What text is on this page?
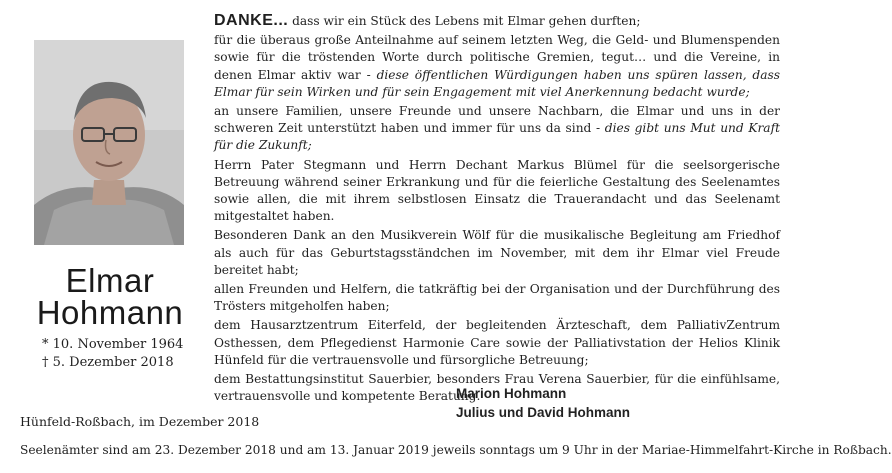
Elmar
Hohmann
* 10. November 1964
† 5. Dezember 2018

DANKE... dass wir ein Stück des Lebens mit Elmar gehen durften;

für die überaus große Anteilnahme auf seinem letzten Weg, die Geld- und Blumenspenden sowie für die tröstenden Worte durch politische Gremien, tegut… und die Vereine, in denen Elmar aktiv war - diese öffentlichen Würdigungen haben uns spüren lassen, dass Elmar für sein Wirken und für sein Engagement mit viel Anerkennung bedacht wurde;

an unsere Familien, unsere Freunde und unsere Nachbarn, die Elmar und uns in der schweren Zeit unterstützt haben und immer für uns da sind - dies gibt uns Mut und Kraft für die Zukunft;

Herrn Pater Stegmann und Herrn Dechant Markus Blümel für die seelsorgerische Betreuung während seiner Erkrankung und für die feierliche Gestaltung des Seelenamtes sowie allen, die mit ihrem selbstlosen Einsatz die Trauerandacht und das Seelenamt mitgestaltet haben.

Besonderen Dank an den Musikverein Wölf für die musikalische Begleitung am Friedhof als auch für das Geburtstagsständchen im November, mit dem ihr Elmar viel Freude bereitet habt;

allen Freunden und Helfern, die tatkräftig bei der Organisation und der Durchführung des Trösters mitgeholfen haben;

dem Hausarztzentrum Eiterfeld, der begleitenden Ärzteschaft, dem PalliativZentrum Osthessen, dem Pflegedienst Harmonie Care sowie der Palliativstation der Helios Klinik Hünfeld für die vertrauensvolle und fürsorgliche Betreuung;

dem Bestattungsinstitut Sauerbier, besonders Frau Verena Sauerbier, für die einfühlsame, vertrauensvolle und kompetente Beratung.

Marion Hohmann
Julius und David Hohmann
Hünfeld-Roßbach, im Dezember 2018
Seelenämter sind am 23. Dezember 2018 und am 13. Januar 2019 jeweils sonntags um 9 Uhr in der Mariae-Himmelfahrt-Kirche in Roßbach.
